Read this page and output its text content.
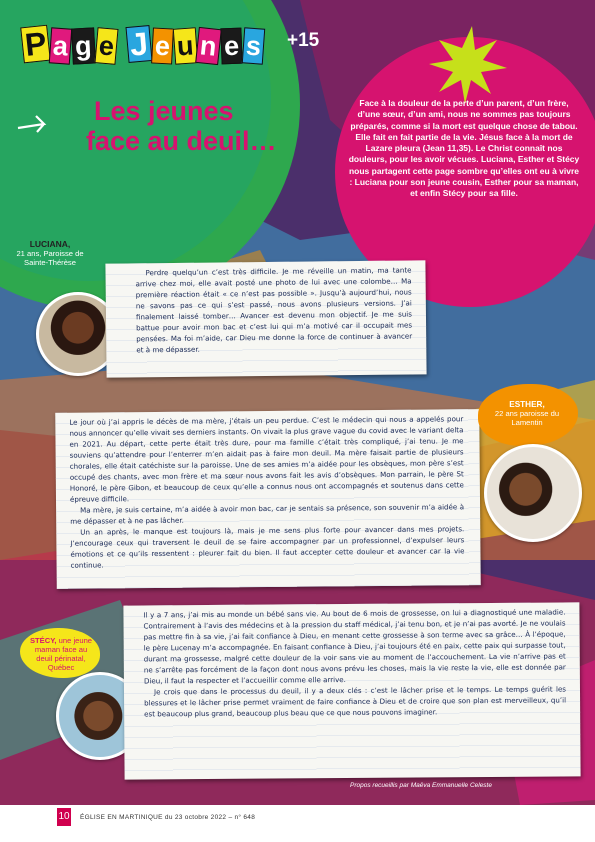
P a g e J e u n e s +15
Les jeunes
face au deuil…
Face à la douleur de la perte d’un parent, d’un frère, d’une sœur, d’un ami, nous ne sommes pas toujours préparés, comme si la mort est quelque chose de tabou. Elle fait en fait partie de la vie. Jésus face à la mort de Lazare pleura (Jean 11,35). Le Christ connaît nos douleurs, pour les avoir vécues. Luciana, Esther et Stécy nous partagent cette page sombre qu’elles ont eu à vivre : Luciana pour son jeune cousin, Esther pour sa maman, et enfin Stécy pour sa fille.
LUCIANA,
21 ans, Paroisse de Sainte-Thérèse

Perdre quelqu’un c’est très difficile. Je me réveille un matin, ma tante arrive chez moi, elle avait posté une photo de lui avec une colombe… Ma première réaction était « ce n’est pas possible ». Jusqu’à aujourd’hui, nous ne savons pas ce qui s’est passé, nous avons plusieurs versions. J’ai finalement laissé tomber… Avancer est devenu mon objectif. Je me suis battue pour avoir mon bac et c’est lui qui m’a motivé car il occupait mes pensées. Ma foi m’aide, car Dieu me donne la force de continuer à avancer et à me dépasser.

Le jour où j’ai appris le décès de ma mère, j’étais un peu perdue. C’est le médecin qui nous a appelés pour nous annoncer qu’elle vivait ses derniers instants. On vivait la plus grave vague du covid avec le variant delta en 2021. Au départ, cette perte était très dure, pour ma famille c’était très compliqué, j’ai tenu. Je me souviens qu’attendre pour l’enterrer m’en aidait pas à faire mon deuil. Ma mère faisait partie de plusieurs chorales, elle était catéchiste sur la paroisse. Une de ses amies m’a aidée pour les obsèques, mon père s’est occupé des chants, avec mon frère et ma sœur nous avons fait les avis d’obsèques. Mon parrain, le père St Honoré, le père Gibon, et beaucoup de ceux qu’elle a connus nous ont accompagnés et soutenus dans cette épreuve difficile.

Ma mère, je suis certaine, m’a aidée à avoir mon bac, car je sentais sa présence, son souvenir m’a aidée à me dépasser et à ne pas lâcher.

Un an après, le manque est toujours là, mais je me sens plus forte pour avancer dans mes projets. J’encourage ceux qui traversent le deuil de se faire accompagner par un professionnel, d’expulser leurs émotions et ce qu’ils ressentent : pleurer fait du bien. Il faut accepter cette douleur et avancer car la vie continue.

ESTHER,
22 ans paroisse du Lamentin
STÉCY, une jeune maman face au deuil périnatal, Québec

Il y a 7 ans, j’ai mis au monde un bébé sans vie. Au bout de 6 mois de grossesse, on lui a diagnostiqué une maladie. Contrairement à l’avis des médecins et à la pression du staff médical, j’ai tenu bon, et je n’ai pas avorté. Je ne voulais pas mettre fin à sa vie, j’ai fait confiance à Dieu, en menant cette grossesse à son terme avec sa grâce… À l’époque, le père Lucenay m’a accompagnée. En faisant confiance à Dieu, j’ai toujours été en paix, cette paix qui surpasse tout, durant ma grossesse, malgré cette douleur de la voir sans vie au moment de l’accouchement. La vie n’arrive pas et ne s’arrête pas forcément de la façon dont nous avons prévu les choses, mais la vie reste la vie, elle est donnée par Dieu, il faut la respecter et l’accueillir comme elle arrive.

Je crois que dans le processus du deuil, il y a deux clés : c’est le lâcher prise et le temps. Le temps guérit les blessures et le lâcher prise permet vraiment de faire confiance à Dieu et de croire que son plan est merveilleux, qu’il est beaucoup plus grand, beaucoup plus beau que ce que nous pouvons imaginer.

Propos recueillis par Maëva Emmanuelle Celeste
10 ÉGLISE EN MARTINIQUE du 23 octobre 2022 – n° 648
